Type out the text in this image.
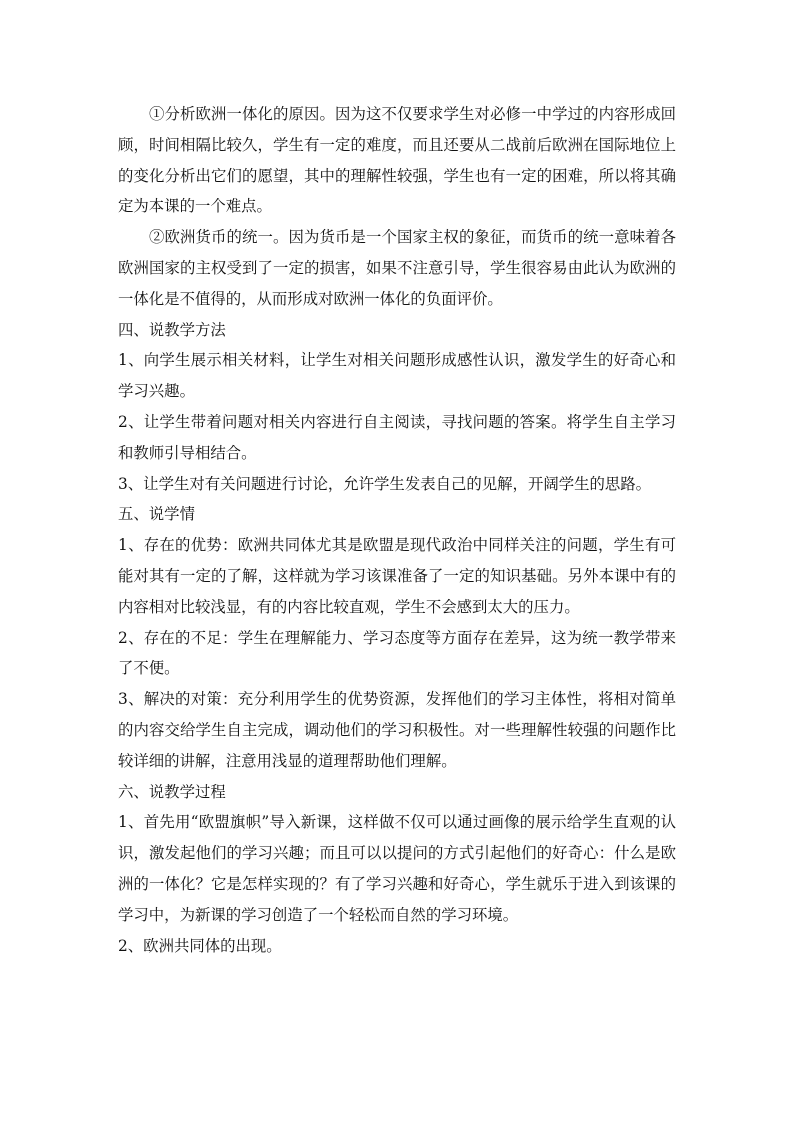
①分析欧洲一体化的原因。因为这不仅要求学生对必修一中学过的内容形成回顾，时间相隔比较久，学生有一定的难度，而且还要从二战前后欧洲在国际地位上的变化分析出它们的愿望，其中的理解性较强，学生也有一定的困难，所以将其确定为本课的一个难点。

②欧洲货币的统一。因为货币是一个国家主权的象征，而货币的统一意味着各欧洲国家的主权受到了一定的损害，如果不注意引导，学生很容易由此认为欧洲的一体化是不值得的，从而形成对欧洲一体化的负面评价。

四、说教学方法

1、向学生展示相关材料，让学生对相关问题形成感性认识，激发学生的好奇心和学习兴趣。

2、让学生带着问题对相关内容进行自主阅读，寻找问题的答案。将学生自主学习和教师引导相结合。

3、让学生对有关问题进行讨论，允许学生发表自己的见解，开阔学生的思路。

五、说学情

1、存在的优势：欧洲共同体尤其是欧盟是现代政治中同样关注的问题，学生有可能对其有一定的了解，这样就为学习该课准备了一定的知识基础。另外本课中有的内容相对比较浅显，有的内容比较直观，学生不会感到太大的压力。

2、存在的不足：学生在理解能力、学习态度等方面存在差异，这为统一教学带来了不便。

3、解决的对策：充分利用学生的优势资源，发挥他们的学习主体性，将相对简单的内容交给学生自主完成，调动他们的学习积极性。对一些理解性较强的问题作比较详细的讲解，注意用浅显的道理帮助他们理解。

六、说教学过程

1、首先用“欧盟旗帜”导入新课，这样做不仅可以通过画像的展示给学生直观的认识，激发起他们的学习兴趣；而且可以以提问的方式引起他们的好奇心：什么是欧洲的一体化？它是怎样实现的？有了学习兴趣和好奇心，学生就乐于进入到该课的学习中，为新课的学习创造了一个轻松而自然的学习环境。

2、欧洲共同体的出现。
